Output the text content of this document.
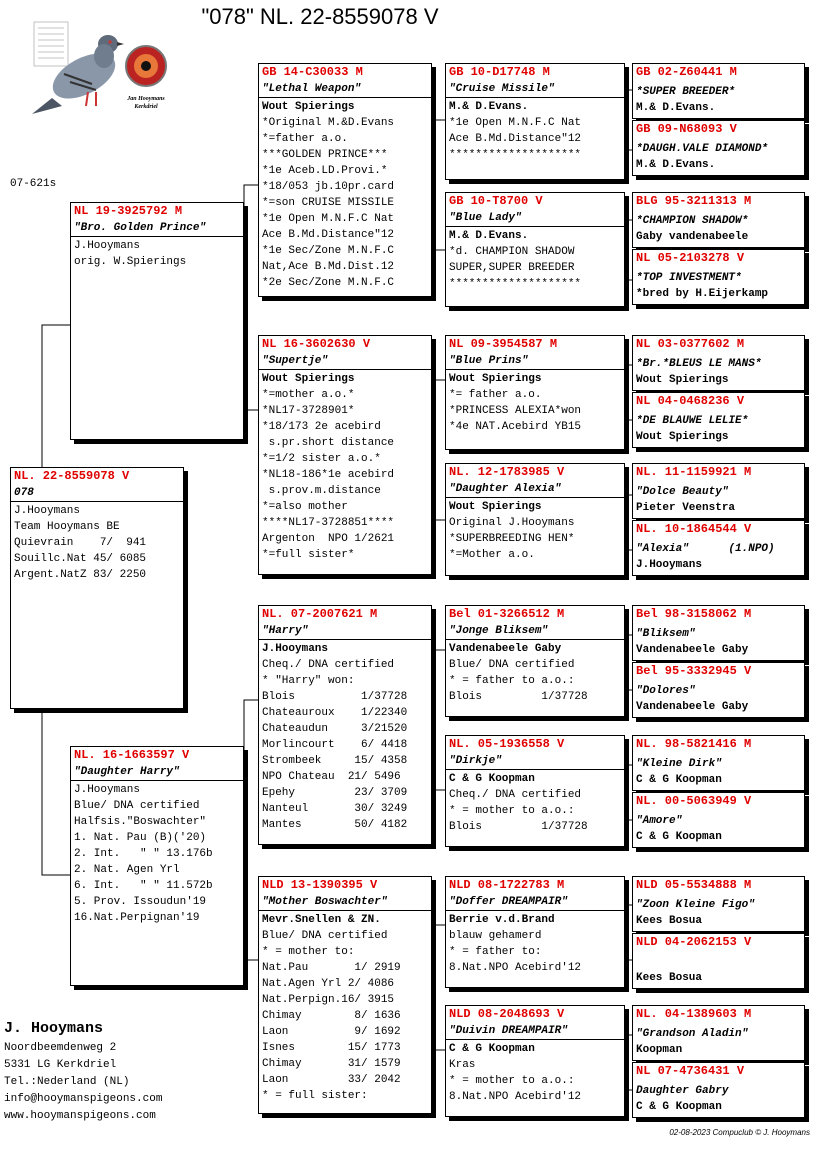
"078" NL. 22-8559078 V
Jan Hooymans
Kerkdriel
07-621s
NL. 22-8559078 V
078
J.Hooymans
Team Hooymans BE
Quievrain    7/  941
Souillc.Nat 45/ 6085
Argent.NatZ 83/ 2250
NL 19-3925792 M
"Bro. Golden Prince"
J.Hooymans
orig. W.Spierings
NL. 16-1663597 V
"Daughter Harry"
J.Hooymans
Blue/ DNA certified
Halfsis."Boswachter"
1. Nat. Pau (B)('20)
2. Int.   " " 13.176b
2. Nat. Agen Yrl
6. Int.   " " 11.572b
5. Prov. Issoudun'19
16.Nat.Perpignan'19
GB 14-C30033 M
"Lethal Weapon"
Wout Spierings
*Original M.&D.Evans
*=father a.o.
***GOLDEN PRINCE***
*1e Aceb.LD.Provi.*
*18/053 jb.10pr.card
*=son CRUISE MISSILE
*1e Open M.N.F.C Nat
Ace B.Md.Distance"12
*1e Sec/Zone M.N.F.C
Nat,Ace B.Md.Dist.12
*2e Sec/Zone M.N.F.C
NL 16-3602630 V
"Supertje"
Wout Spierings
*=mother a.o.*
*NL17-3728901*
*18/173 2e acebird
s.pr.short distance
*=1/2 sister a.o.*
*NL18-186*1e acebird
s.prov.m.distance
*=also mother
****NL17-3728851****
Argenton  NPO 1/2621
*=full sister*
NL. 07-2007621 M
"Harry"
J.Hooymans
Cheq./ DNA certified
* "Harry" won:
Blois          1/37728
Chateauroux    1/22340
Chateaudun     3/21520
Morlincourt    6/ 4418
Strombeek     15/ 4358
NPO Chateau  21/ 5496
Epehy         23/ 3709
Nanteul       30/ 3249
Mantes        50/ 4182
NLD 13-1390395 V
"Mother Boswachter"
Mevr.Snellen & ZN.
Blue/ DNA certified
* = mother to:
Nat.Pau       1/ 2919
Nat.Agen Yrl 2/ 4086
Nat.Perpign.16/ 3915
Chimay        8/ 1636
Laon          9/ 1692
Isnes        15/ 1773
Chimay       31/ 1579
Laon         33/ 2042
* = full sister:
GB 10-D17748 M
"Cruise Missile"
M.& D.Evans.
*1e Open M.N.F.C Nat
Ace B.Md.Distance"12
********************
GB 10-T8700 V
"Blue Lady"
M.& D.Evans.
*d. CHAMPION SHADOW
SUPER,SUPER BREEDER
********************
NL 09-3954587 M
"Blue Prins"
Wout Spierings
*= father a.o.
*PRINCESS ALEXIA*won
*4e NAT.Acebird YB15
NL. 12-1783985 V
"Daughter Alexia"
Wout Spierings
Original J.Hooymans
*SUPERBREEDING HEN*
*=Mother a.o.
Bel 01-3266512 M
"Jonge Bliksem"
Vandenabeele Gaby
Blue/ DNA certified
* = father to a.o.:
Blois         1/37728
NL. 05-1936558 V
"Dirkje"
C & G Koopman
Cheq./ DNA certified
* = mother to a.o.:
Blois         1/37728
NLD 08-1722783 M
"Doffer DREAMPAIR"
Berrie v.d.Brand
blauw gehamerd
* = father to:
8.Nat.NPO Acebird'12
NLD 08-2048693 V
"Duivin DREAMPAIR"
C & G Koopman
Kras
* = mother to a.o.:
8.Nat.NPO Acebird'12
GB 02-Z60441 M
*SUPER BREEDER*
M.& D.Evans.
GB 09-N68093 V
*DAUGH.VALE DIAMOND*
M.& D.Evans.
BLG 95-3211313 M
*CHAMPION SHADOW*
Gaby vandenabeele
NL 05-2103278 V
*TOP INVESTMENT*
*bred by H.Eijerkamp
NL 03-0377602 M
*Br.*BLEUS LE MANS*
Wout Spierings
NL 04-0468236 V
*DE BLAUWE LELIE*
Wout Spierings
NL. 11-1159921 M
"Dolce Beauty"
Pieter Veenstra
NL. 10-1864544 V
"Alexia"      (1.NPO)
J.Hooymans
Bel 98-3158062 M
"Bliksem"
Vandenabeele Gaby
Bel 95-3332945 V
"Dolores"
Vandenabeele Gaby
NL. 98-5821416 M
"Kleine Dirk"
C & G Koopman
NL. 00-5063949 V
"Amore"
C & G Koopman
NLD 05-5534888 M
"Zoon Kleine Figo"
Kees Bosua
NLD 04-2062153 V
Kees Bosua
NL. 04-1389603 M
"Grandson Aladin"
Koopman
NL 07-4736431 V
Daughter Gabry
C & G Koopman
J. Hooymans
Noordbeemdenweg 2
5331 LG Kerkdriel
Tel.:Nederland (NL)
info@hooymanspigeons.com
www.hooymanspigeons.com
02-08-2023 Compuclub © J. Hooymans
